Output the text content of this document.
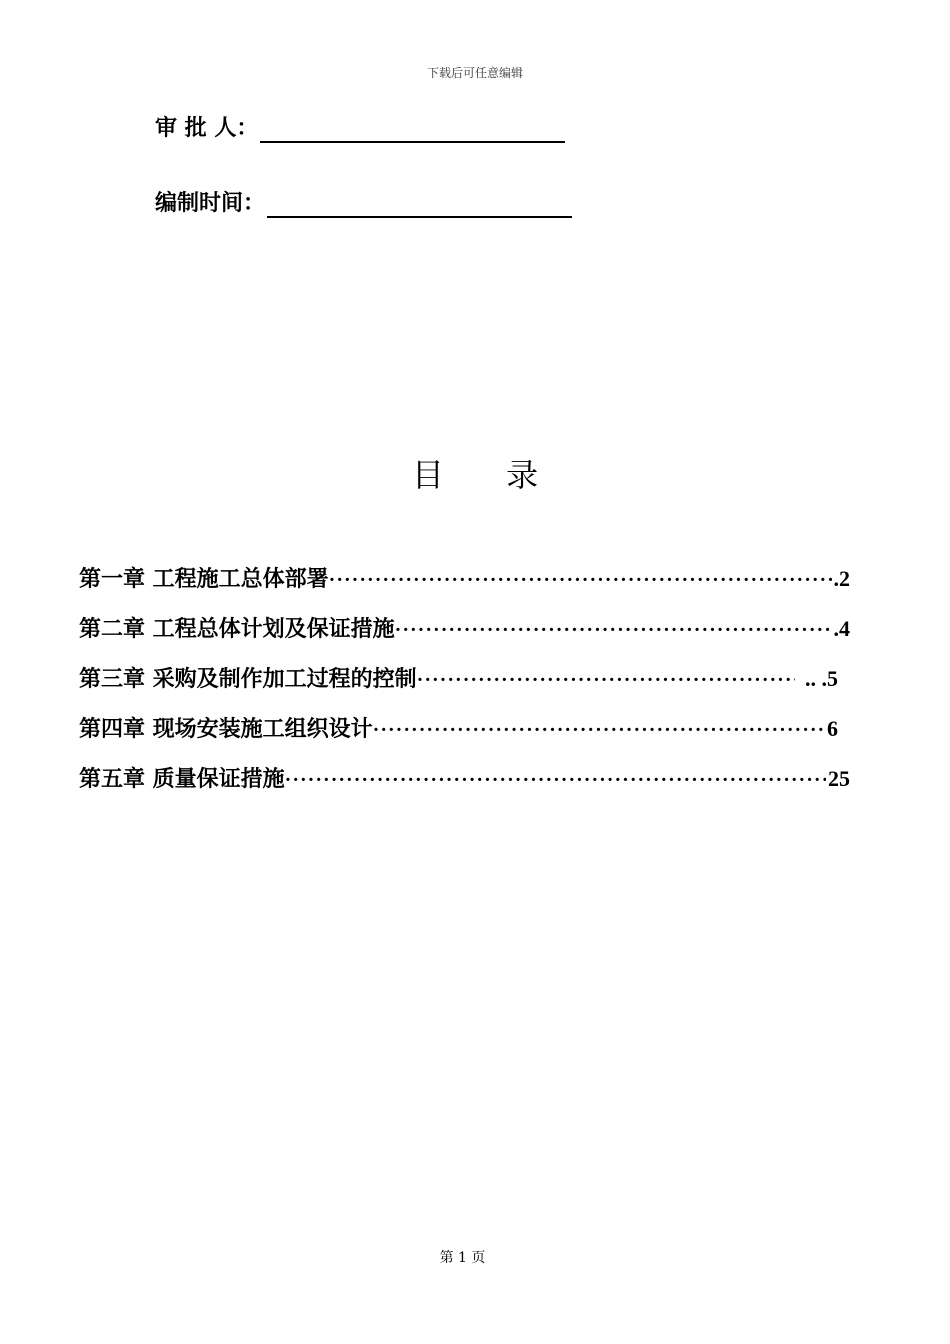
下载后可任意编辑
审 批 人：
编制时间：
目 录
第一章 工程施工总体部署 ·····	.2
第二章 工程总体计划及保证措施 ·····	.4
第三章 采购及制作加工过程的控制 ·····	.. .5
第四章 现场安装施工组织设计 ·····	6
第五章 质量保证措施 ·····	25
第 1 页
